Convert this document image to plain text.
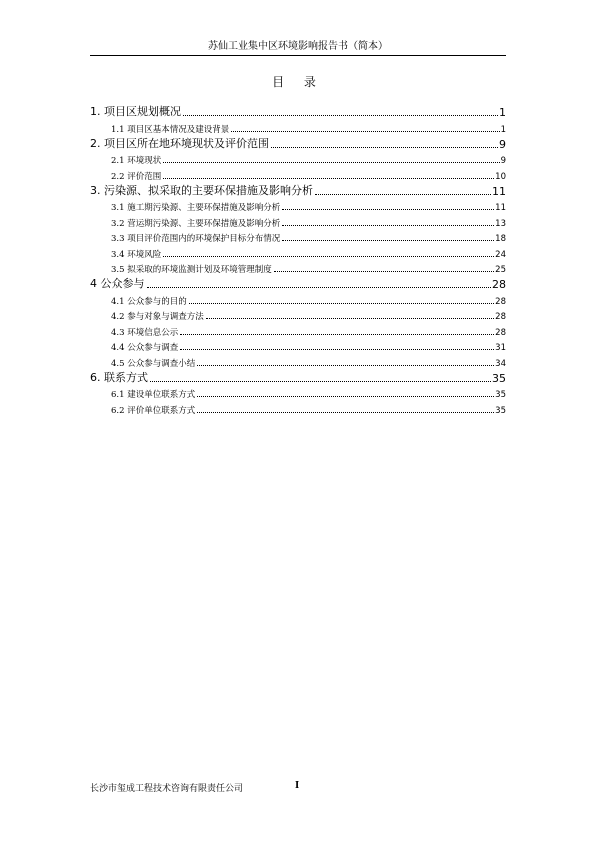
苏仙工业集中区环境影响报告书（简本）
目 录
1. 项目区规划概况	1
1.1 项目区基本情况及建设背景	1
2. 项目区所在地环境现状及评价范围	9
2.1 环境现状	9
2.2 评价范围	10
3. 污染源、拟采取的主要环保措施及影响分析	11
3.1 施工期污染源、主要环保措施及影响分析	11
3.2 营运期污染源、主要环保措施及影响分析	13
3.3 项目评价范围内的环境保护目标分布情况	18
3.4 环境风险	24
3.5 拟采取的环境监测计划及环境管理制度	25
4 公众参与	28
4.1 公众参与的目的	28
4.2 参与对象与调查方法	28
4.3 环境信息公示	28
4.4 公众参与调查	31
4.5 公众参与调查小结	34
6. 联系方式	35
6.1 建设单位联系方式	35
6.2 评价单位联系方式	35
长沙市玺成工程技术咨询有限责任公司	I
